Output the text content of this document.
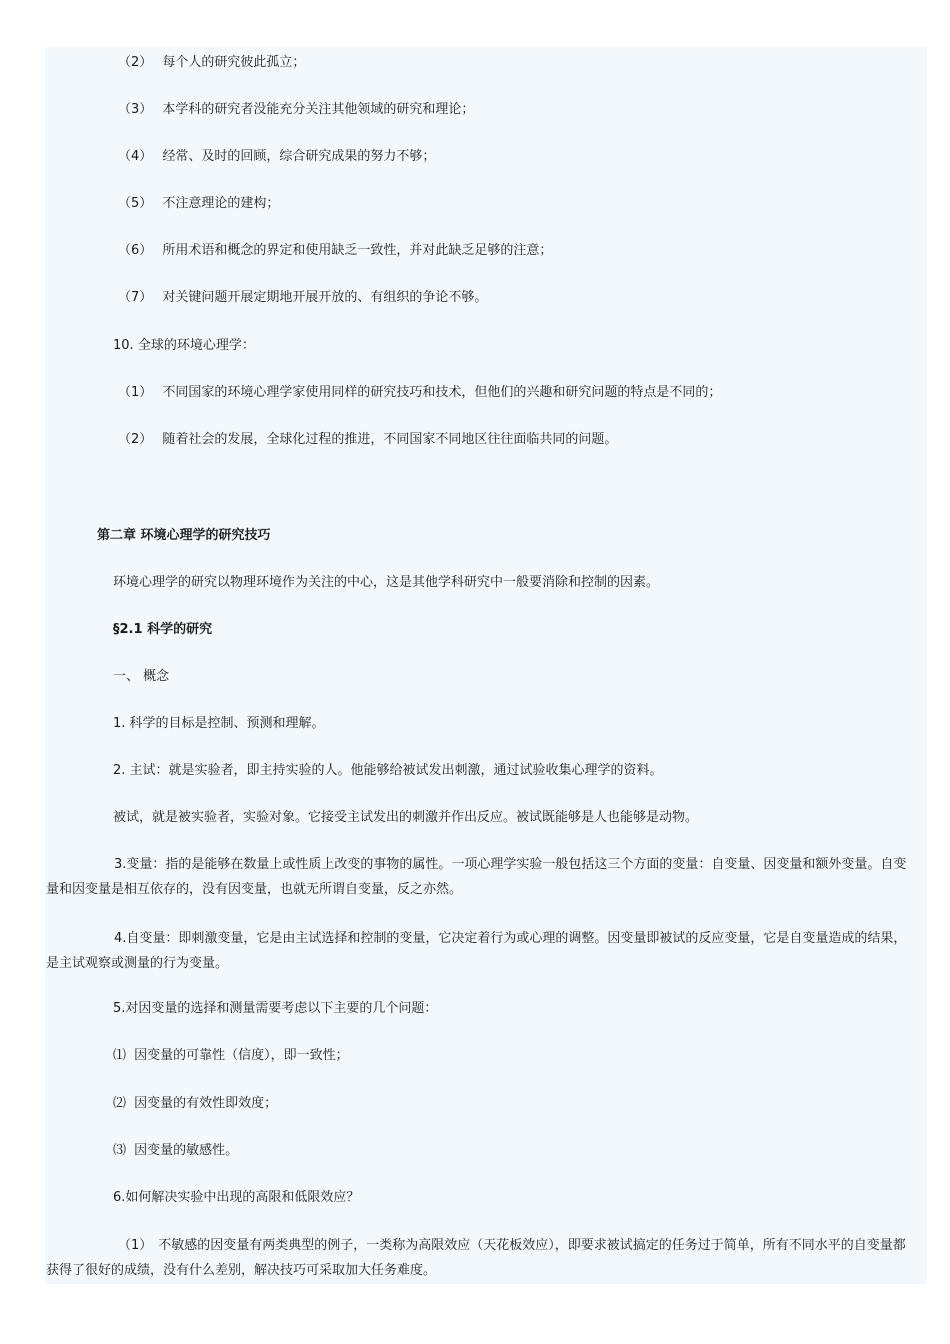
（2） 每个人的研究彼此孤立；
（3） 本学科的研究者没能充分关注其他领域的研究和理论；
（4） 经常、及时的回顾，综合研究成果的努力不够；
（5） 不注意理论的建构；
（6） 所用术语和概念的界定和使用缺乏一致性，并对此缺乏足够的注意；
（7） 对关键问题开展定期地开展开放的、有组织的争论不够。
10. 全球的环境心理学：
（1） 不同国家的环境心理学家使用同样的研究技巧和技术，但他们的兴趣和研究问题的特点是不同的；
（2） 随着社会的发展，全球化过程的推进，不同国家不同地区往往面临共同的问题。
第二章 环境心理学的研究技巧
环境心理学的研究以物理环境作为关注的中心，这是其他学科研究中一般要消除和控制的因素。
§2.1 科学的研究
一、 概念
1. 科学的目标是控制、预测和理解。
2. 主试：就是实验者，即主持实验的人。他能够给被试发出刺激，通过试验收集心理学的资料。
被试，就是被实验者，实验对象。它接受主试发出的刺激并作出反应。被试既能够是人也能够是动物。
3.变量：指的是能够在数量上或性质上改变的事物的属性。一项心理学实验一般包括这三个方面的变量：自变量、因变量和额外变量。自变量和因变量是相互依存的，没有因变量，也就无所谓自变量，反之亦然。
4.自变量：即刺激变量，它是由主试选择和控制的变量，它决定着行为或心理的调整。因变量即被试的反应变量，它是自变量造成的结果，是主试观察或测量的行为变量。
5.对因变量的选择和测量需要考虑以下主要的几个问题：
⑴ 因变量的可靠性（信度），即一致性；
⑵ 因变量的有效性即效度；
⑶ 因变量的敏感性。
6.如何解决实验中出现的高限和低限效应？
（1） 不敏感的因变量有两类典型的例子，一类称为高限效应（天花板效应），即要求被试搞定的任务过于简单，所有不同水平的自变量都获得了很好的成绩，没有什么差别，解决技巧可采取加大任务难度。
